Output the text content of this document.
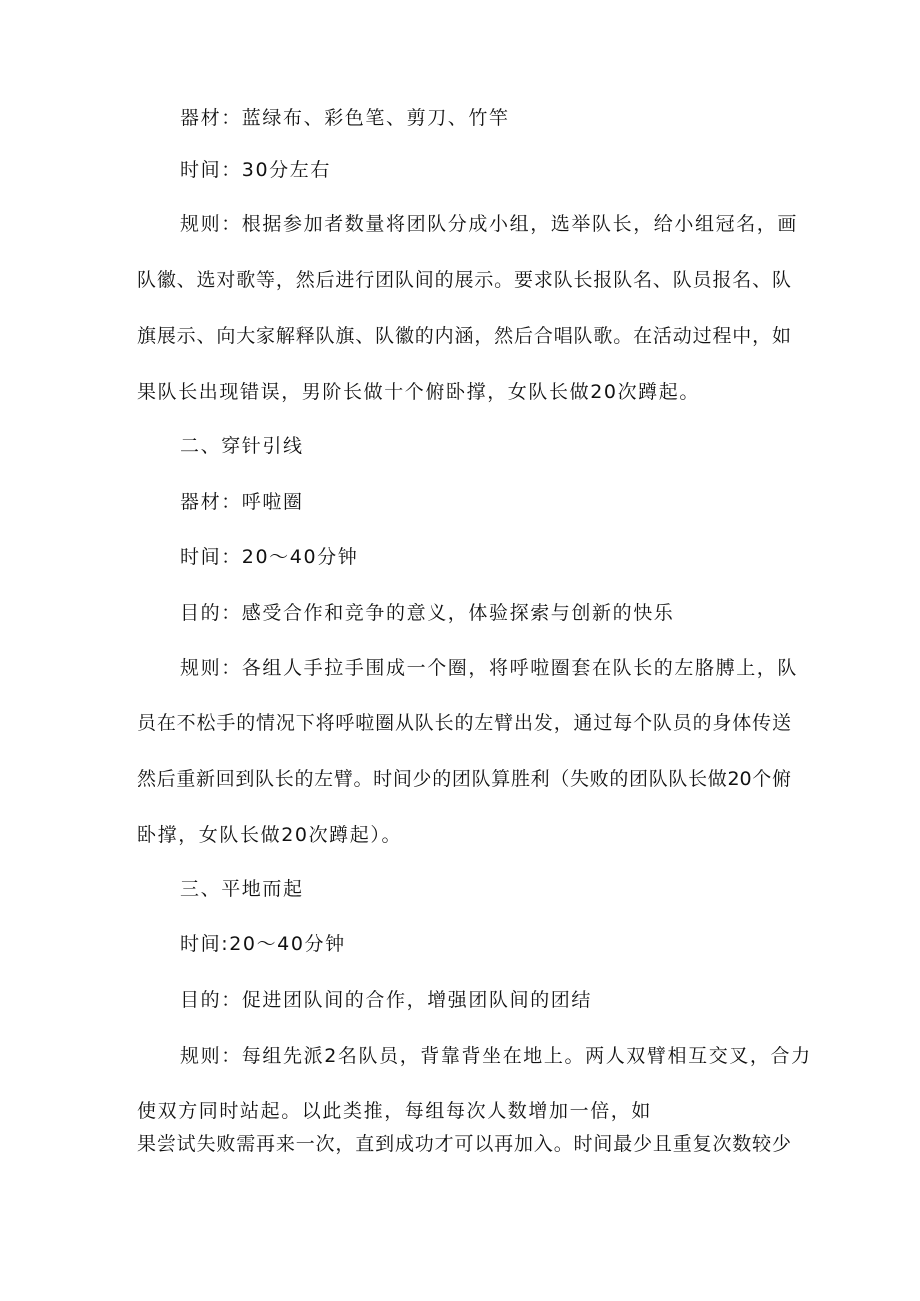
器材：蓝绿布、彩色笔、剪刀、竹竿
时间：30分左右
规则：根据参加者数量将团队分成小组，选举队长，给小组冠名，画
队徽、选对歌等，然后进行团队间的展示。要求队长报队名、队员报名、队
旗展示、向大家解释队旗、队徽的内涵，然后合唱队歌。在活动过程中，如
果队长出现错误，男阶长做十个俯卧撑，女队长做20次蹲起。
二、穿针引线
器材：呼啦圈
时间：20〜40分钟
目的：感受合作和竞争的意义，体验探索与创新的快乐
规则：各组人手拉手围成一个圈，将呼啦圈套在队长的左胳膊上，队
员在不松手的情况下将呼啦圈从队长的左臂出发，通过每个队员的身体传送
然后重新回到队长的左臂。时间少的团队算胜利（失败的团队队长做20个俯
卧撑，女队长做20次蹲起）。
三、平地而起
时间:20〜40分钟
目的：促进团队间的合作，增强团队间的团结
规则：每组先派2名队员，背靠背坐在地上。两人双臂相互交叉，合力
使双方同时站起。以此类推，每组每次人数增加一倍，如
果尝试失败需再来一次，直到成功才可以再加入。时间最少且重复次数较少
